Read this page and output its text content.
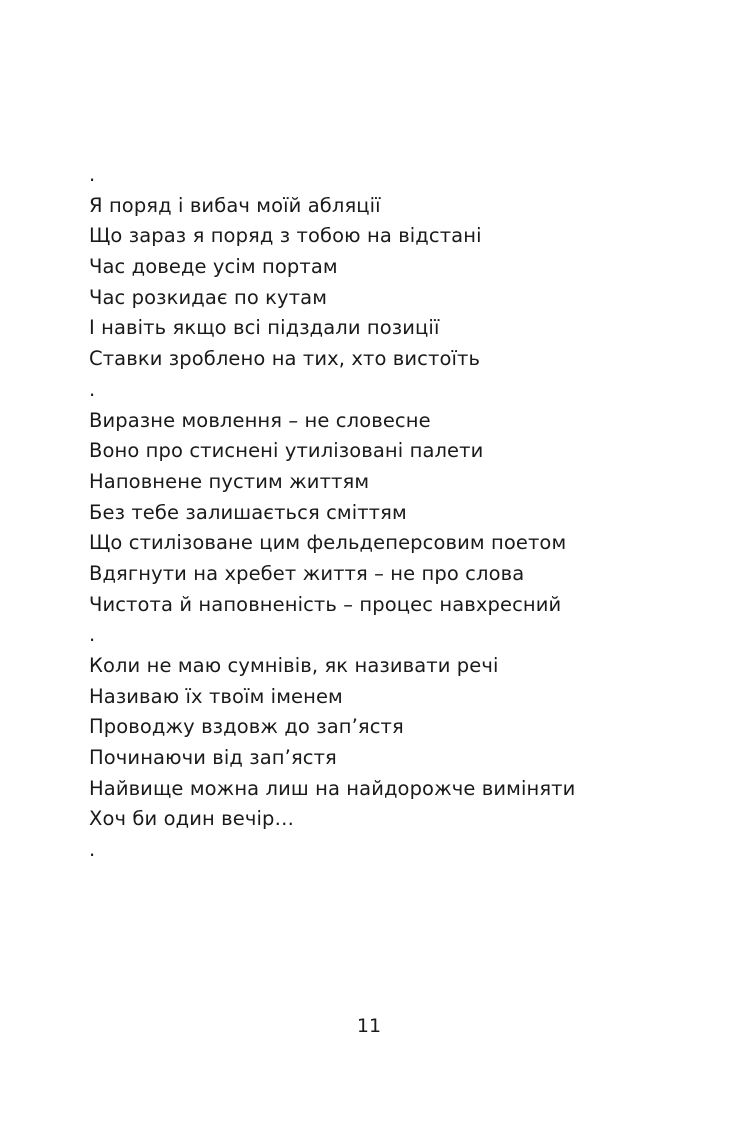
.
Я поряд і вибач моїй абляції
Що зараз я поряд з тобою на відстані
Час доведе усім портам
Час розкидає по кутам
І навіть якщо всі підздали позиції
Ставки зроблено на тих, хто вистоїть
.
Виразне мовлення – не словесне
Воно про стиснені утилізовані палети
Наповнене пустим життям
Без тебе залишається сміттям
Що стилізоване цим фельдеперсовим поетом
Вдягнути на хребет життя – не про слова
Чистота й наповненість – процес навхресний
.
Коли не маю сумнівів, як називати речі
Називаю їх твоїм іменем
Проводжу вздовж до зап’ястя
Починаючи від зап’ястя
Найвище можна лиш на найдорожче виміняти
Хоч би один вечір…
.
11
